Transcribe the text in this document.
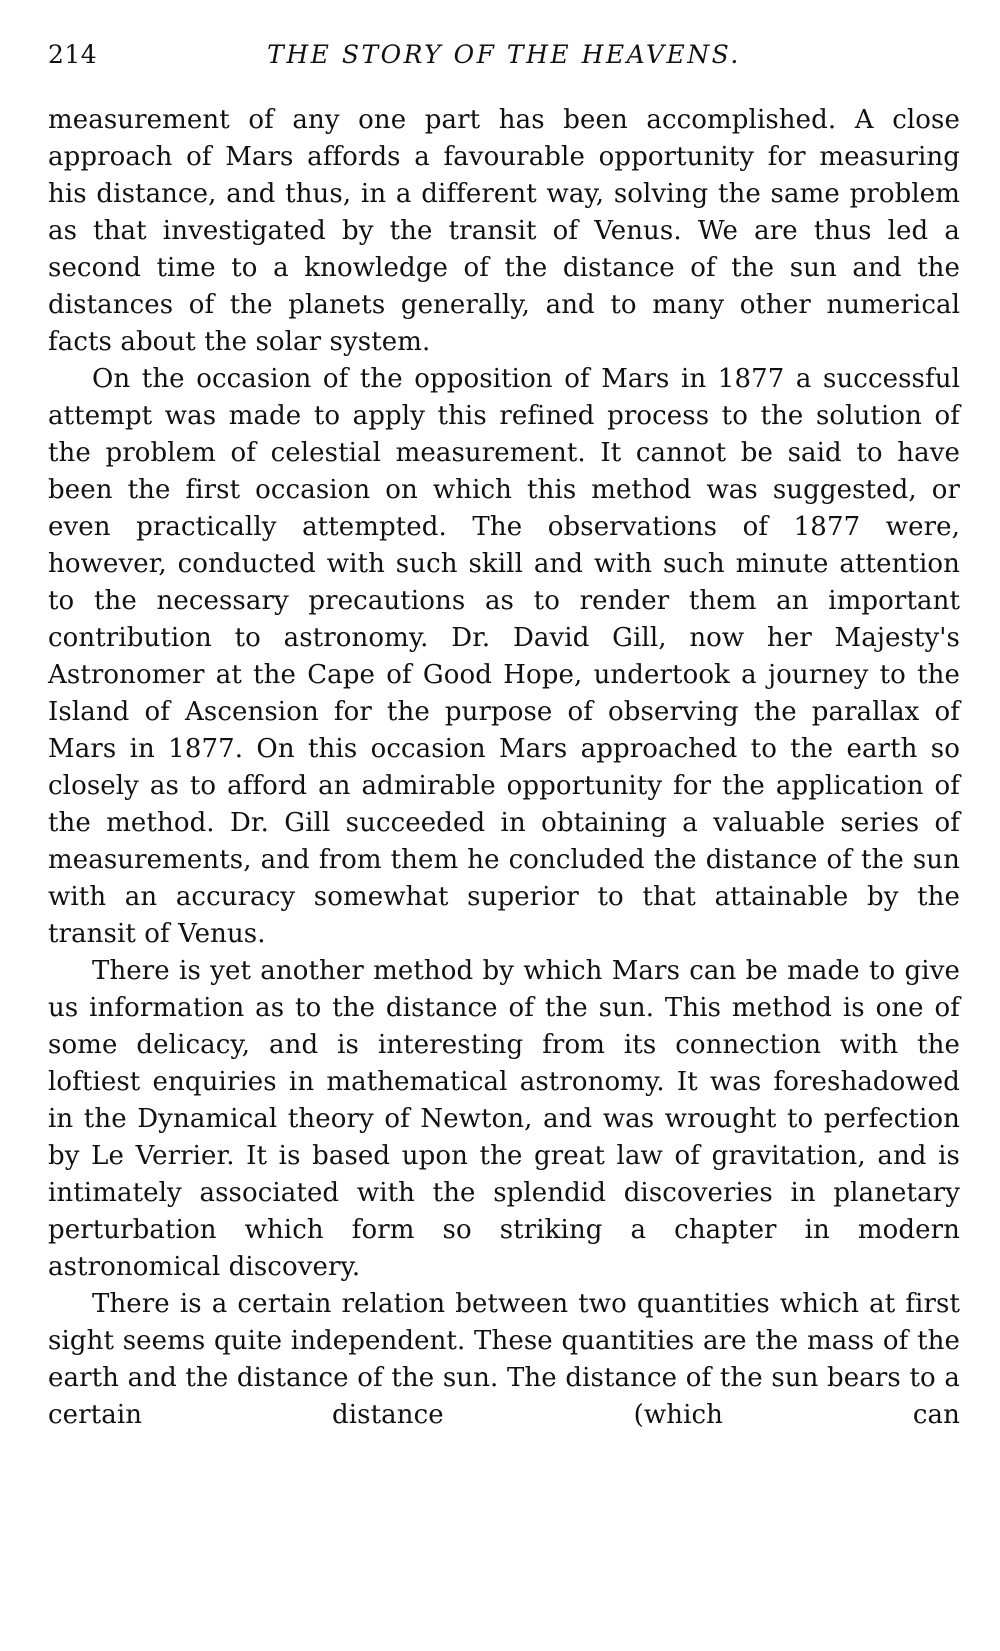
214	THE STORY OF THE HEAVENS.

measurement of any one part has been accomplished. A close approach of Mars affords a favourable opportunity for measuring his distance, and thus, in a different way, solving the same problem as that investigated by the transit of Venus. We are thus led a second time to a knowledge of the distance of the sun and the distances of the planets generally, and to many other numerical facts about the solar system.

On the occasion of the opposition of Mars in 1877 a successful attempt was made to apply this refined process to the solution of the problem of celestial measurement. It cannot be said to have been the first occasion on which this method was suggested, or even practically attempted. The observations of 1877 were, however, conducted with such skill and with such minute attention to the necessary precautions as to render them an important contribution to astronomy. Dr. David Gill, now her Majesty's Astronomer at the Cape of Good Hope, undertook a journey to the Island of Ascension for the purpose of observing the parallax of Mars in 1877. On this occasion Mars approached to the earth so closely as to afford an admirable opportunity for the application of the method. Dr. Gill succeeded in obtaining a valuable series of measurements, and from them he concluded the distance of the sun with an accuracy somewhat superior to that attainable by the transit of Venus.

There is yet another method by which Mars can be made to give us information as to the distance of the sun. This method is one of some delicacy, and is interesting from its connection with the loftiest enquiries in mathematical astronomy. It was foreshadowed in the Dynamical theory of Newton, and was wrought to perfection by Le Verrier. It is based upon the great law of gravitation, and is intimately associated with the splendid discoveries in planetary perturbation which form so striking a chapter in modern astronomical discovery.

There is a certain relation between two quantities which at first sight seems quite independent. These quantities are the mass of the earth and the distance of the sun. The distance of the sun bears to a certain distance (which can
